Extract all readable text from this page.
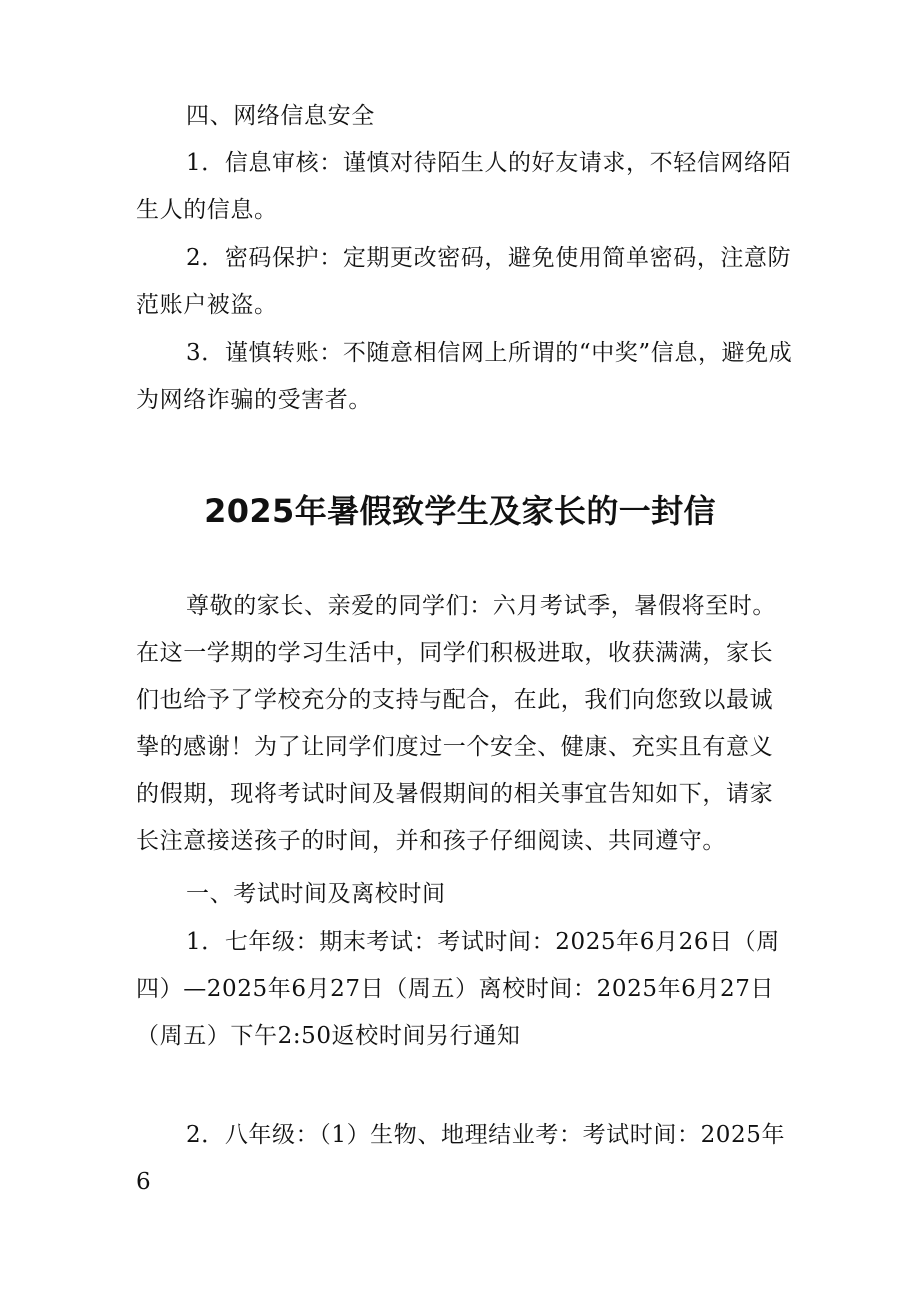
四、网络信息安全

1．信息审核：谨慎对待陌生人的好友请求，不轻信网络陌生人的信息。

2．密码保护：定期更改密码，避免使用简单密码，注意防范账户被盗。

3．谨慎转账：不随意相信网上所谓的“中奖”信息，避免成为网络诈骗的受害者。

2025年暑假致学生及家长的一封信

尊敬的家长、亲爱的同学们：六月考试季，暑假将至时。在这一学期的学习生活中，同学们积极进取，收获满满，家长们也给予了学校充分的支持与配合，在此，我们向您致以最诚挚的感谢！为了让同学们度过一个安全、健康、充实且有意义的假期，现将考试时间及暑假期间的相关事宜告知如下，请家长注意接送孩子的时间，并和孩子仔细阅读、共同遵守。

一、考试时间及离校时间

1．七年级：期末考试：考试时间：2025年6月26日（周四）—2025年6月27日（周五）离校时间：2025年6月27日（周五）下午2:50返校时间另行通知

2．八年级：（1）生物、地理结业考：考试时间：2025年6
